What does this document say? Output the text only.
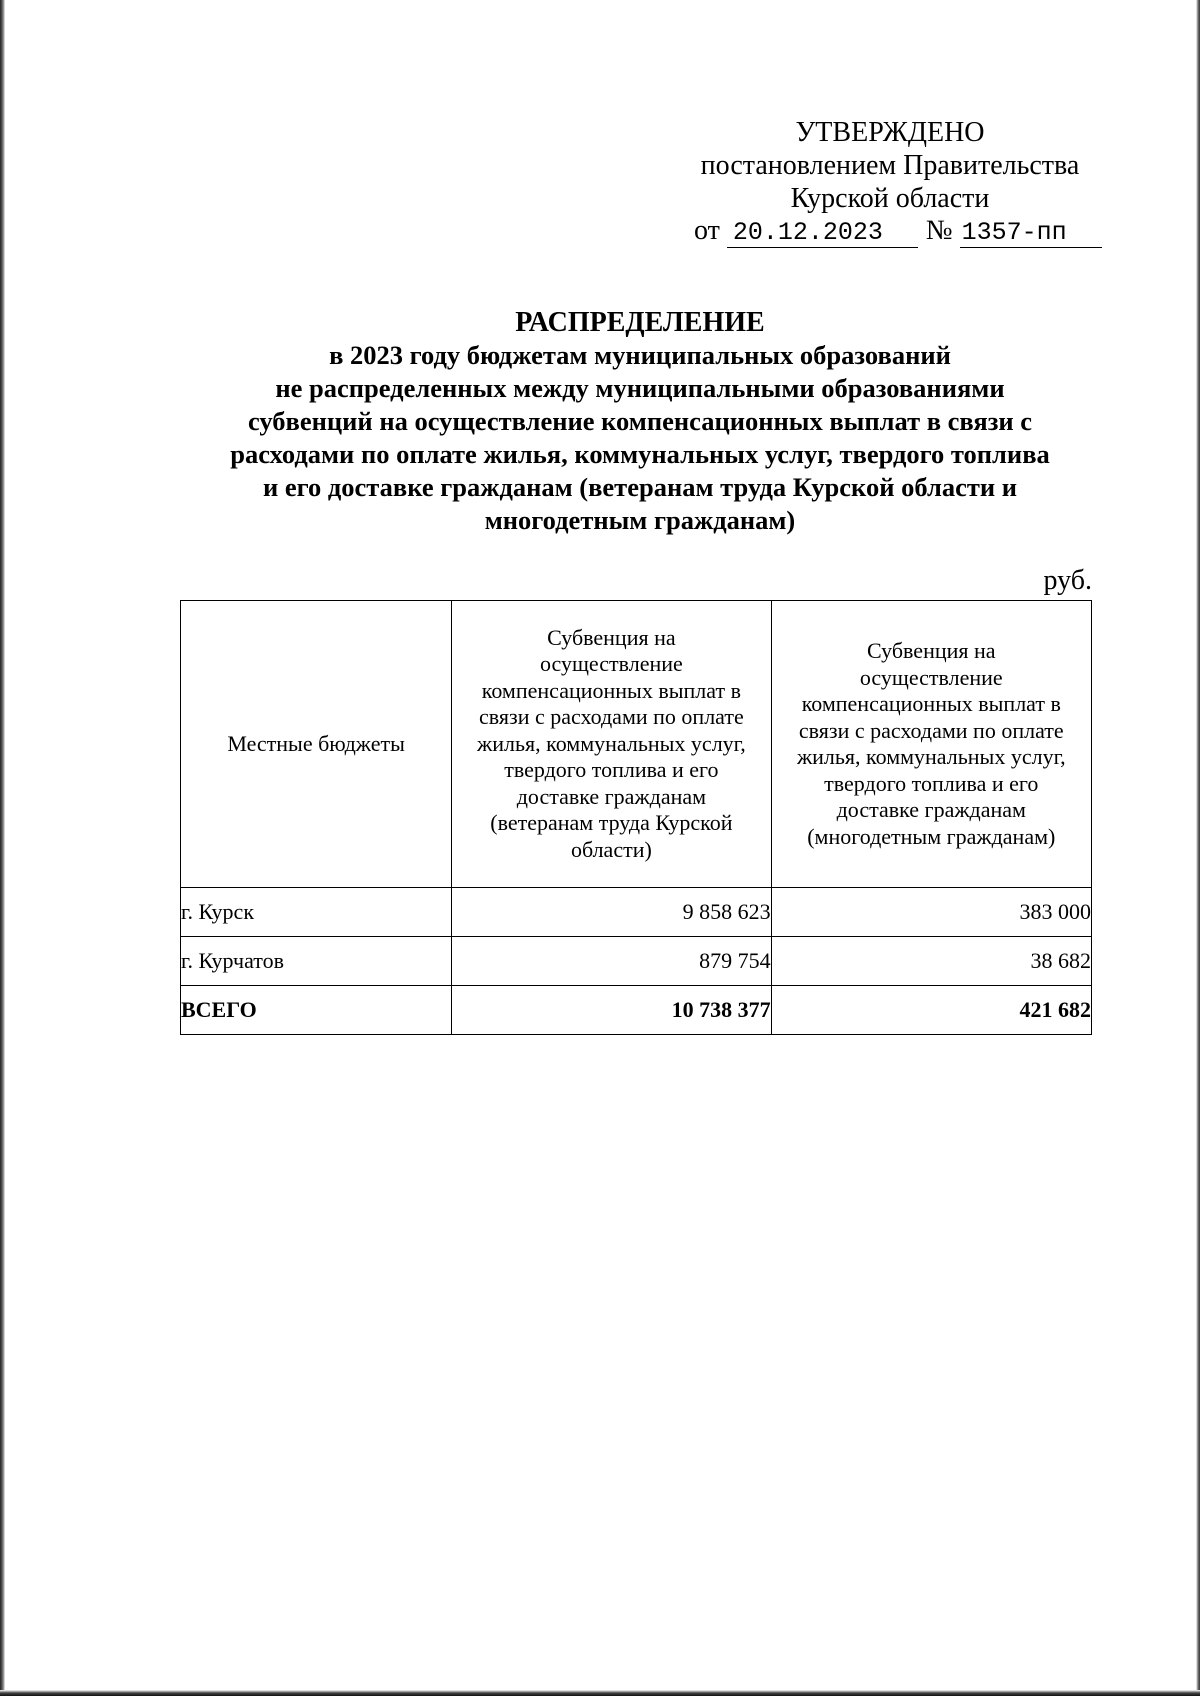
УТВЕРЖДЕНО
постановлением Правительства
Курской области
от 20.12.2023 № 1357-пп
РАСПРЕДЕЛЕНИЕ
в 2023 году бюджетам муниципальных образований
не распределенных между муниципальными образованиями
субвенций на осуществление компенсационных выплат в связи с
расходами по оплате жилья, коммунальных услуг, твердого топлива
и его доставке гражданам (ветеранам труда Курской области и
многодетным гражданам)
руб.
Местные бюджеты	Субвенция на осуществление компенсационных выплат в связи с расходами по оплате жилья, коммунальных услуг, твердого топлива и его доставке гражданам (ветеранам труда Курской области)	Субвенция на осуществление компенсационных выплат в связи с расходами по оплате жилья, коммунальных услуг, твердого топлива и его доставке гражданам (многодетным гражданам)

г. Курск	9 858 623	383 000
г. Курчатов	879 754	38 682
ВСЕГО	10 738 377	421 682
